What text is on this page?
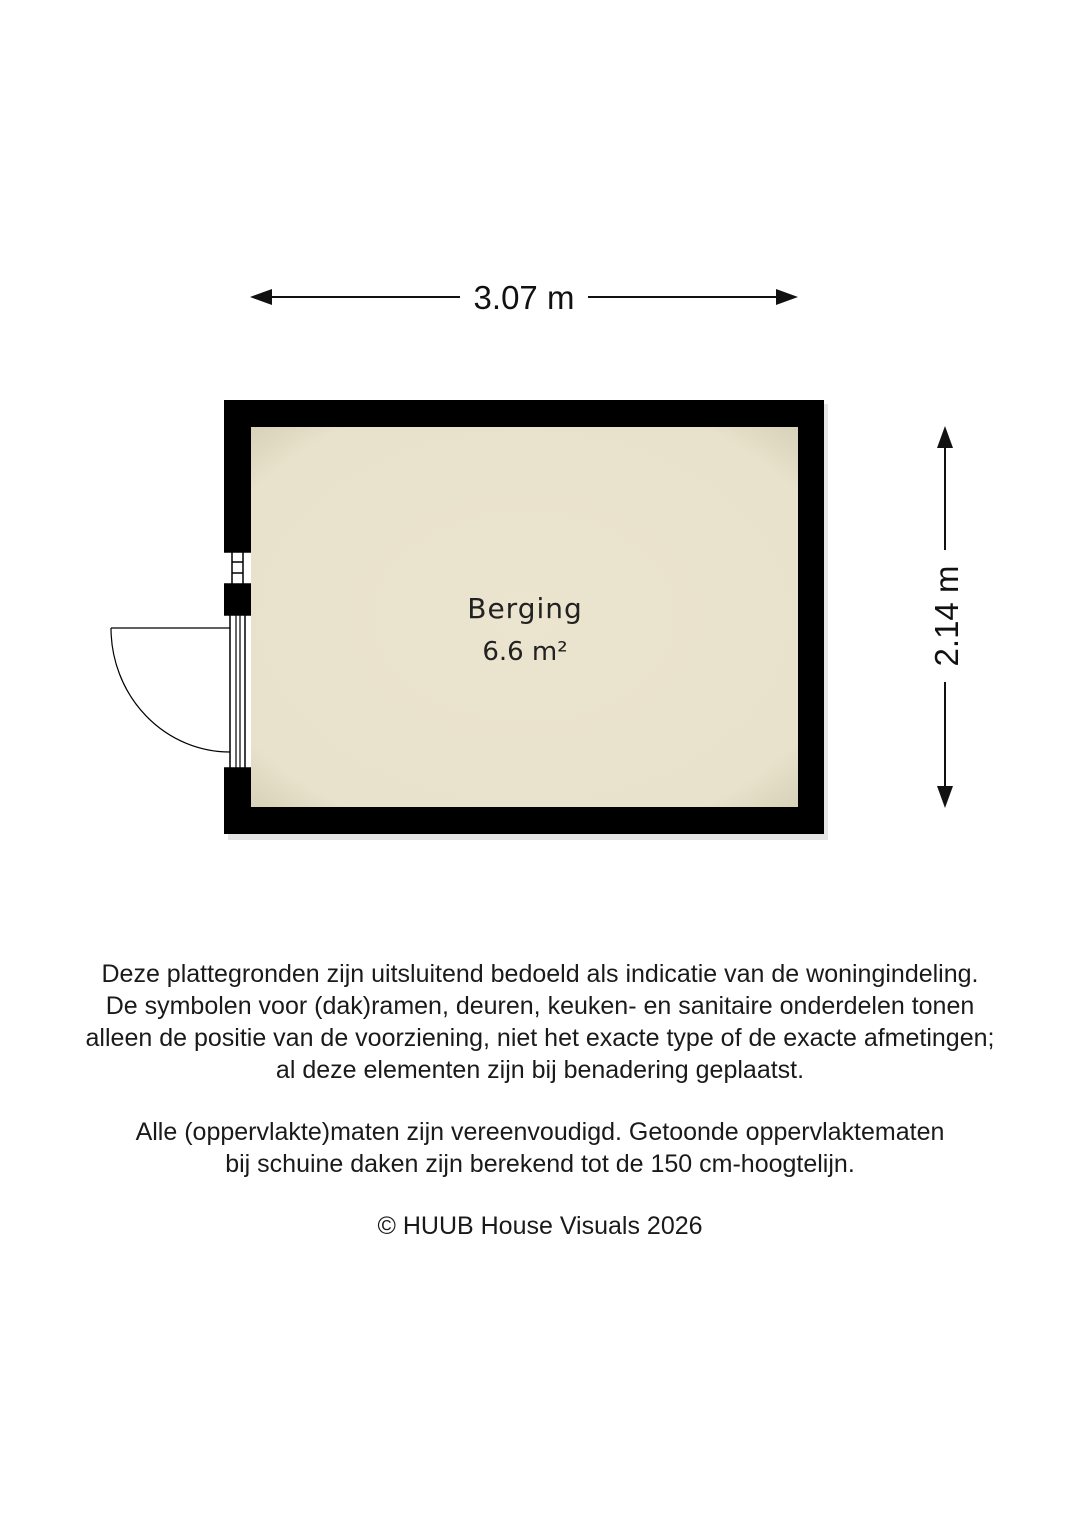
3.07 m
2.14 m
Berging
6.6 m²

Deze plattegronden zijn uitsluitend bedoeld als indicatie van de woningindeling.
De symbolen voor (dak)ramen, deuren, keuken- en sanitaire onderdelen tonen
alleen de positie van de voorziening, niet het exacte type of de exacte afmetingen;
al deze elementen zijn bij benadering geplaatst.

Alle (oppervlakte)maten zijn vereenvoudigd. Getoonde oppervlaktematen
bij schuine daken zijn berekend tot de 150 cm-hoogtelijn.

© HUUB House Visuals 2026
